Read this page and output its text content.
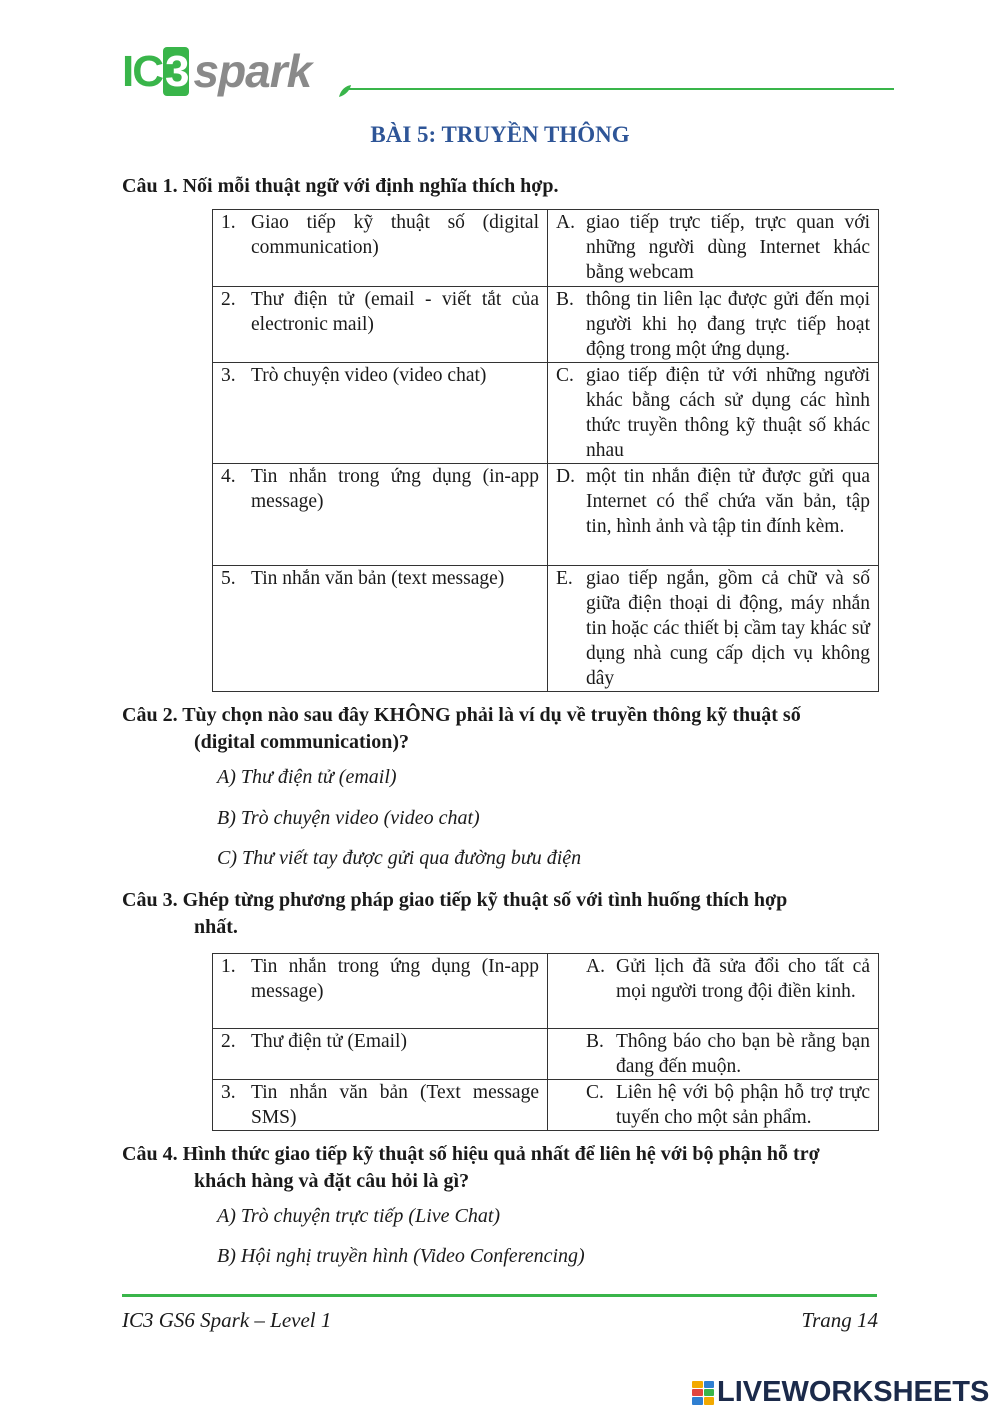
IC3 spark
BÀI 5: TRUYỀN THÔNG
Câu 1. Nối mỗi thuật ngữ với định nghĩa thích hợp.
1. Giao tiếp kỹ thuật số (digital communication)	A. giao tiếp trực tiếp, trực quan với những người dùng Internet khác bằng webcam

2. Thư điện tử (email - viết tắt của electronic mail)	B. thông tin liên lạc được gửi đến mọi người khi họ đang trực tiếp hoạt động trong một ứng dụng.

3. Trò chuyện video (video chat)	C. giao tiếp điện tử với những người khác bằng cách sử dụng các hình thức truyền thông kỹ thuật số khác nhau

4. Tin nhắn trong ứng dụng (in-app message)	D. một tin nhắn điện tử được gửi qua Internet có thể chứa văn bản, tập tin, hình ảnh và tập tin đính kèm.

5. Tin nhắn văn bản (text message)	E. giao tiếp ngắn, gồm cả chữ và số giữa điện thoại di động, máy nhắn tin hoặc các thiết bị cầm tay khác sử dụng nhà cung cấp dịch vụ không dây
Câu 2. Tùy chọn nào sau đây KHÔNG phải là ví dụ về truyền thông kỹ thuật số
(digital communication)?
A) Thư điện tử (email)
B) Trò chuyện video (video chat)
C) Thư viết tay được gửi qua đường bưu điện
Câu 3. Ghép từng phương pháp giao tiếp kỹ thuật số với tình huống thích hợp
nhất.
1. Tin nhắn trong ứng dụng (In-app message)	A. Gửi lịch đã sửa đổi cho tất cả mọi người trong đội điền kinh.

2. Thư điện tử (Email)	B. Thông báo cho bạn bè rằng bạn đang đến muộn.

3. Tin nhắn văn bản (Text message SMS)	C. Liên hệ với bộ phận hỗ trợ trực tuyến cho một sản phẩm.
Câu 4. Hình thức giao tiếp kỹ thuật số hiệu quả nhất để liên hệ với bộ phận hỗ trợ
khách hàng và đặt câu hỏi là gì?
A) Trò chuyện trực tiếp (Live Chat)
B) Hội nghị truyền hình (Video Conferencing)
IC3 GS6 Spark – Level 1	Trang 14
LIVEWORKSHEETS
